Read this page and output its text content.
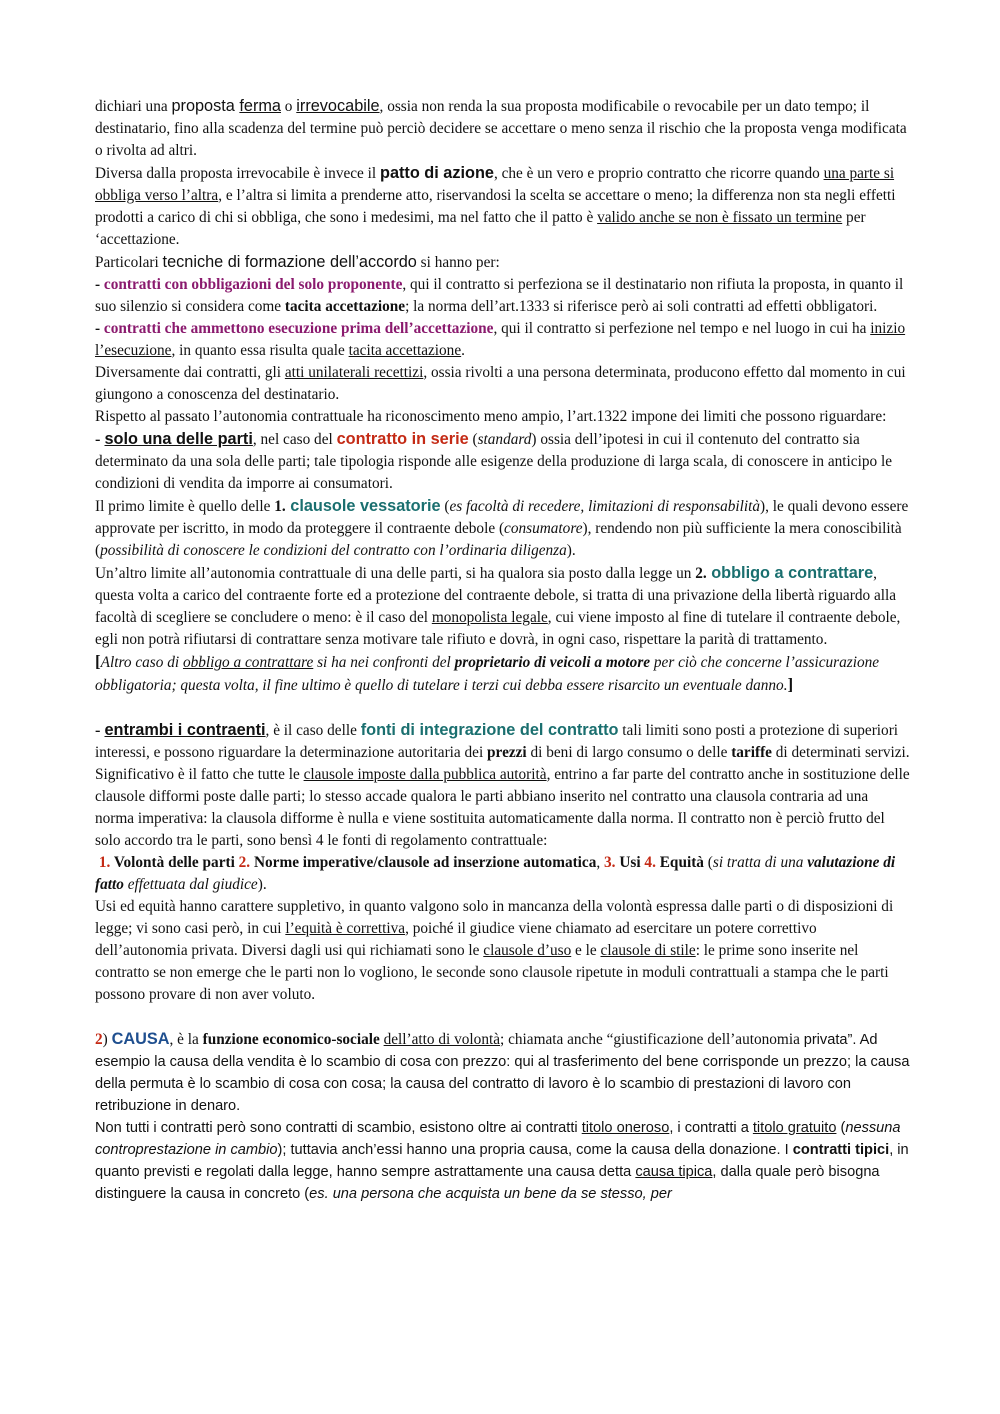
dichiari una proposta ferma o irrevocabile, ossia non renda la sua proposta modificabile o revocabile per un dato tempo; il destinatario, fino alla scadenza del termine può perciò decidere se accettare o meno senza il rischio che la proposta venga modificata o rivolta ad altri.

Diversa dalla proposta irrevocabile è invece il patto di azione, che è un vero e proprio contratto che ricorre quando una parte si obbliga verso l’altra, e l’altra si limita a prenderne atto, riservandosi la scelta se accettare o meno; la differenza non sta negli effetti prodotti a carico di chi si obbliga, che sono i medesimi, ma nel fatto che il patto è valido anche se non è fissato un termine per ‘accettazione.

Particolari tecniche di formazione dell’accordo si hanno per:

- contratti con obbligazioni del solo proponente, qui il contratto si perfeziona se il destinatario non rifiuta la proposta, in quanto il suo silenzio si considera come tacita accettazione; la norma dell’art.1333 si riferisce però ai soli contratti ad effetti obbligatori.

- contratti che ammettono esecuzione prima dell’accettazione, qui il contratto si perfezione nel tempo e nel luogo in cui ha inizio l’esecuzione, in quanto essa risulta quale tacita accettazione.

Diversamente dai contratti, gli atti unilaterali recettizi, ossia rivolti a una persona determinata, producono effetto dal momento in cui giungono a conoscenza del destinatario.

Rispetto al passato l’autonomia contrattuale ha riconoscimento meno ampio, l’art.1322 impone dei limiti che possono riguardare:

- solo una delle parti, nel caso del contratto in serie (standard) ossia dell’ipotesi in cui il contenuto del contratto sia determinato da una sola delle parti; tale tipologia risponde alle esigenze della produzione di larga scala, di conoscere in anticipo le condizioni di vendita da imporre ai consumatori.

Il primo limite è quello delle 1. clausole vessatorie (es facoltà di recedere, limitazioni di responsabilità), le quali devono essere approvate per iscritto, in modo da proteggere il contraente debole (consumatore), rendendo non più sufficiente la mera conoscibilità (possibilità di conoscere le condizioni del contratto con l’ordinaria diligenza).

Un’altro limite all’autonomia contrattuale di una delle parti, si ha qualora sia posto dalla legge un 2. obbligo a contrattare, questa volta a carico del contraente forte ed a protezione del contraente debole, si tratta di una privazione della libertà riguardo alla facoltà di scegliere se concludere o meno: è il caso del monopolista legale, cui viene imposto al fine di tutelare il contraente debole, egli non potrà rifiutarsi di contrattare senza motivare tale rifiuto e dovrà, in ogni caso, rispettare la parità di trattamento.

[Altro caso di obbligo a contrattare si ha nei confronti del proprietario di veicoli a motore per ciò che concerne l’assicurazione obbligatoria; questa volta, il fine ultimo è quello di tutelare i terzi cui debba essere risarcito un eventuale danno.]

- entrambi i contraenti, è il caso delle fonti di integrazione del contratto tali limiti sono posti a protezione di superiori interessi, e possono riguardare la determinazione autoritaria dei prezzi di beni di largo consumo o delle tariffe di determinati servizi. Significativo è il fatto che tutte le clausole imposte dalla pubblica autorità, entrino a far parte del contratto anche in sostituzione delle clausole difformi poste dalle parti; lo stesso accade qualora le parti abbiano inserito nel contratto una clausola contraria ad una norma imperativa: la clausola difforme è nulla e viene sostituita automaticamente dalla norma. Il contratto non è perciò frutto del solo accordo tra le parti, sono bensì 4 le fonti di regolamento contrattuale:

1. Volontà delle parti 2. Norme imperative/clausole ad inserzione automatica, 3. Usi 4. Equità (si tratta di una valutazione di fatto effettuata dal giudice).

Usi ed equità hanno carattere suppletivo, in quanto valgono solo in mancanza della volontà espressa dalle parti o di disposizioni di legge; vi sono casi però, in cui l’equità è correttiva, poiché il giudice viene chiamato ad esercitare un potere correttivo dell’autonomia privata. Diversi dagli usi qui richiamati sono le clausole d’uso e le clausole di stile: le prime sono inserite nel contratto se non emerge che le parti non lo vogliono, le seconde sono clausole ripetute in moduli contrattuali a stampa che le parti possono provare di non aver voluto.

2) CAUSA, è la funzione economico-sociale dell’atto di volontà; chiamata anche “giustificazione dell’autonomia privata”. Ad esempio la causa della vendita è lo scambio di cosa con prezzo: qui al trasferimento del bene corrisponde un prezzo; la causa della permuta è lo scambio di cosa con cosa; la causa del contratto di lavoro è lo scambio di prestazioni di lavoro con retribuzione in denaro.

Non tutti i contratti però sono contratti di scambio, esistono oltre ai contratti titolo oneroso, i contratti a titolo gratuito (nessuna controprestazione in cambio); tuttavia anch’essi hanno una propria causa, come la causa della donazione. I contratti tipici, in quanto previsti e regolati dalla legge, hanno sempre astrattamente una causa detta causa tipica, dalla quale però bisogna distinguere la causa in concreto (es. una persona che acquista un bene da se stesso, per
